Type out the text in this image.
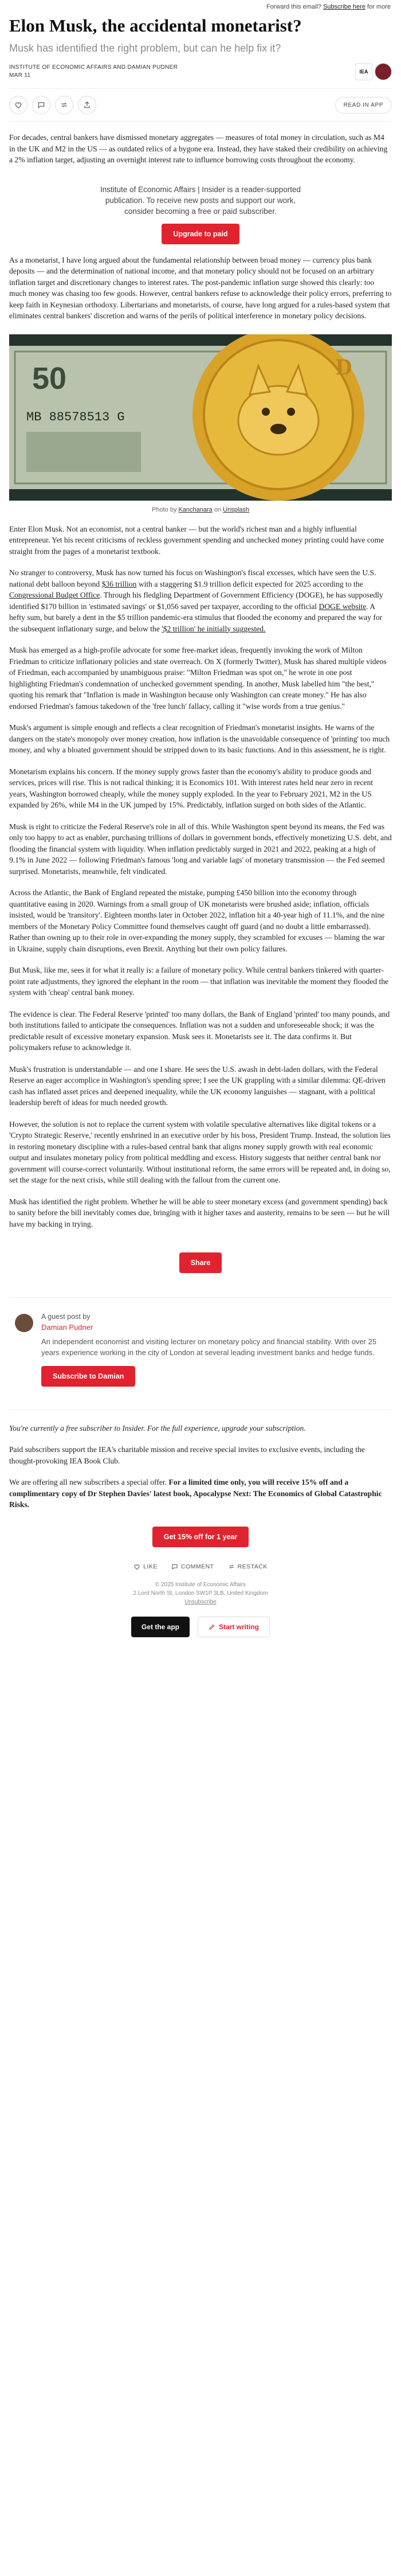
Forward this email? Subscribe here for more
Elon Musk, the accidental monetarist?
Musk has identified the right problem, but can he help fix it?
INSTITUTE OF ECONOMIC AFFAIRS AND DAMIAN PUDNER
MAR 11
IEA
READ IN APP

For decades, central bankers have dismissed monetary aggregates — measures of total money in circulation, such as M4 in the UK and M2 in the US — as outdated relics of a bygone era. Instead, they have staked their credibility on achieving a 2% inflation target, adjusting an overnight interest rate to influence borrowing costs throughout the economy.

Institute of Economic Affairs | Insider is a reader-supported publication. To receive new posts and support our work, consider becoming a free or paid subscriber.
Upgrade to paid

As a monetarist, I have long argued about the fundamental relationship between broad money — currency plus bank deposits — and the determination of national income, and that monetary policy should not be focused on an arbitrary inflation target and discretionary changes to interest rates. The post-pandemic inflation surge showed this clearly: too much money was chasing too few goods. However, central bankers refuse to acknowledge their policy errors, preferring to keep faith in Keynesian orthodoxy. Libertarians and monetarists, of course, have long argued for a rules-based system that eliminates central bankers' discretion and warns of the perils of political interference in monetary policy decisions.

50
MB 88578513 G
D
Photo by Kanchanara on Unsplash

Enter Elon Musk. Not an economist, not a central banker — but the world's richest man and a highly influential entrepreneur. Yet his recent criticisms of reckless government spending and unchecked money printing could have come straight from the pages of a monetarist textbook.

No stranger to controversy, Musk has now turned his focus on Washington's fiscal excesses, which have seen the U.S. national debt balloon beyond $36 trillion with a staggering $1.9 trillion deficit expected for 2025 according to the Congressional Budget Office. Through his fledgling Department of Government Efficiency (DOGE), he has supposedly identified $170 billion in 'estimated savings' or $1,056 saved per taxpayer, according to the official DOGE website. A hefty sum, but barely a dent in the $5 trillion pandemic-era stimulus that flooded the economy and prepared the way for the subsequent inflationary surge, and below the '$2 trillion' he initially suggested.

Musk has emerged as a high-profile advocate for some free-market ideas, frequently invoking the work of Milton Friedman to criticize inflationary policies and state overreach. On X (formerly Twitter), Musk has shared multiple videos of Friedman, each accompanied by unambiguous praise: "Milton Friedman was spot on," he wrote in one post highlighting Friedman's condemnation of unchecked government spending. In another, Musk labelled him "the best," quoting his remark that "Inflation is made in Washington because only Washington can create money." He has also endorsed Friedman's famous takedown of the 'free lunch' fallacy, calling it "wise words from a true genius."

Musk's argument is simple enough and reflects a clear recognition of Friedman's monetarist insights. He warns of the dangers on the state's monopoly over money creation, how inflation is the unavoidable consequence of 'printing' too much money, and why a bloated government should be stripped down to its basic functions. And in this assessment, he is right.

Monetarism explains his concern. If the money supply grows faster than the economy's ability to produce goods and services, prices will rise. This is not radical thinking; it is Economics 101. With interest rates held near zero in recent years, Washington borrowed cheaply, while the money supply exploded. In the year to February 2021, M2 in the US expanded by 26%, while M4 in the UK jumped by 15%. Predictably, inflation surged on both sides of the Atlantic.

Musk is right to criticize the Federal Reserve's role in all of this. While Washington spent beyond its means, the Fed was only too happy to act as enabler, purchasing trillions of dollars in government bonds, effectively monetizing U.S. debt, and flooding the financial system with liquidity. When inflation predictably surged in 2021 and 2022, peaking at a high of 9.1% in June 2022 — following Friedman's famous 'long and variable lags' of monetary transmission — the Fed seemed surprised. Monetarists, meanwhile, felt vindicated.

Across the Atlantic, the Bank of England repeated the mistake, pumping £450 billion into the economy through quantitative easing in 2020. Warnings from a small group of UK monetarists were brushed aside; inflation, officials insisted, would be 'transitory'. Eighteen months later in October 2022, inflation hit a 40-year high of 11.1%, and the nine members of the Monetary Policy Committee found themselves caught off guard (and no doubt a little embarrassed). Rather than owning up to their role in over-expanding the money supply, they scrambled for excuses — blaming the war in Ukraine, supply chain disruptions, even Brexit. Anything but their own policy failures.

But Musk, like me, sees it for what it really is: a failure of monetary policy. While central bankers tinkered with quarter-point rate adjustments, they ignored the elephant in the room — that inflation was inevitable the moment they flooded the system with 'cheap' central bank money.

The evidence is clear. The Federal Reserve 'printed' too many dollars, the Bank of England 'printed' too many pounds, and both institutions failed to anticipate the consequences. Inflation was not a sudden and unforeseeable shock; it was the predictable result of excessive monetary expansion. Musk sees it. Monetarists see it. The data confirms it. But policymakers refuse to acknowledge it.

Musk's frustration is understandable — and one I share. He sees the U.S. awash in debt-laden dollars, with the Federal Reserve an eager accomplice in Washington's spending spree; I see the UK grappling with a similar dilemma: QE-driven cash has inflated asset prices and deepened inequality, while the UK economy languishes — stagnant, with a political leadership bereft of ideas for much needed growth.

However, the solution is not to replace the current system with volatile speculative alternatives like digital tokens or a 'Crypto Strategic Reserve,' recently enshrined in an executive order by his boss, President Trump. Instead, the solution lies in restoring monetary discipline with a rules-based central bank that aligns money supply growth with real economic output and insulates monetary policy from political meddling and excess. History suggests that neither central bank nor government will course-correct voluntarily. Without institutional reform, the same errors will be repeated and, in doing so, set the stage for the next crisis, while still dealing with the fallout from the current one.

Musk has identified the right problem. Whether he will be able to steer monetary excess (and government spending) back to sanity before the bill inevitably comes due, bringing with it higher taxes and austerity, remains to be seen — but he will have my backing in trying.

Share
A guest post by
Damian Pudner
An independent economist and visiting lecturer on monetary policy and financial stability. With over 25 years experience working in the city of London at several leading investment banks and hedge funds.
Subscribe to Damian

You're currently a free subscriber to Insider. For the full experience, upgrade your subscription.

Paid subscribers support the IEA's charitable mission and receive special invites to exclusive events, including the thought-provoking IEA Book Club.

We are offering all new subscribers a special offer. For a limited time only, you will receive 15% off and a complimentary copy of Dr Stephen Davies' latest book, Apocalypse Next: The Economics of Global Catastrophic Risks.

Get 15% off for 1 year
LIKE	COMMENT	RESTACK
© 2025 Institute of Economic Affairs
2 Lord North St, London SW1P 3LB, United Kingdom
Unsubscribe
Get the app	Start writing
